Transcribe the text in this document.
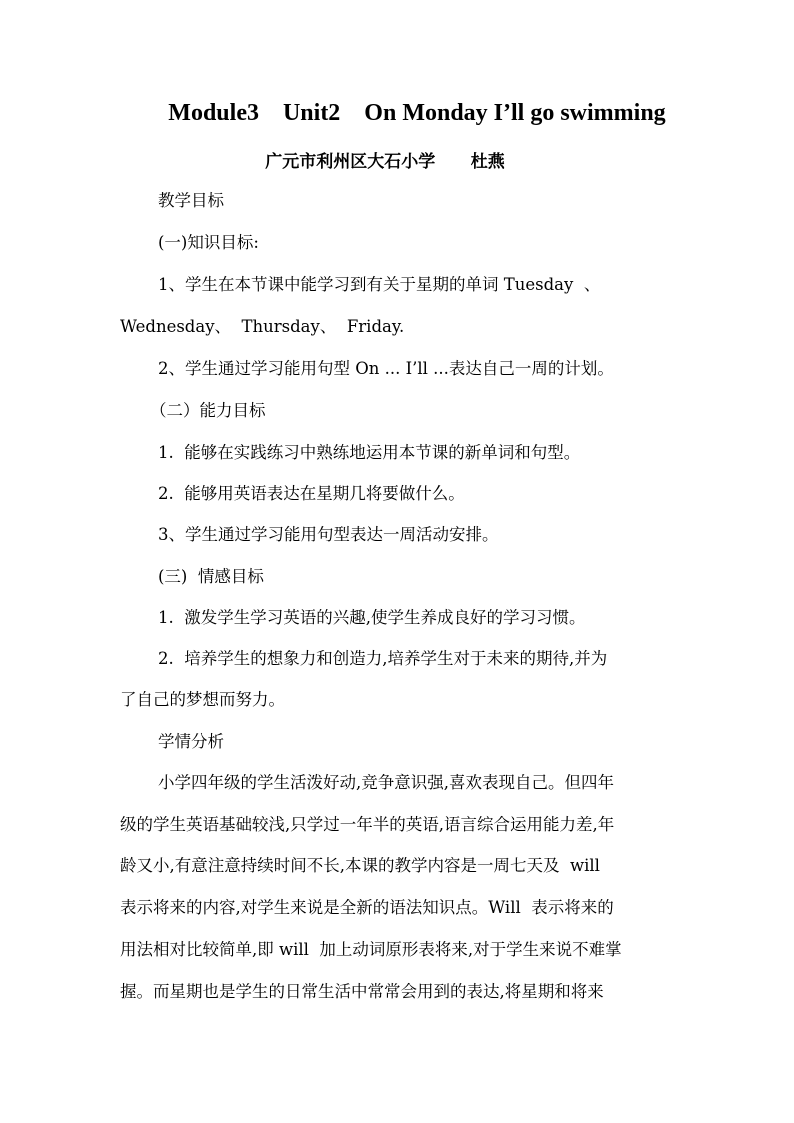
Module3    Unit2    On Monday I’ll go swimming
广元市利州区大石小学      杜燕
教学目标
(一)知识目标:
1、学生在本节课中能学习到有关于星期的单词 Tuesday  、
Wednesday、  Thursday、  Friday.
2、学生通过学习能用句型 On ... I’ll ...表达自己一周的计划。
（二）能力目标
1.  能够在实践练习中熟练地运用本节课的新单词和句型。
2.  能够用英语表达在星期几将要做什么。
3、学生通过学习能用句型表达一周活动安排。
(三)  情感目标
1.  激发学生学习英语的兴趣,使学生养成良好的学习习惯。
2.  培养学生的想象力和创造力,培养学生对于未来的期待,并为
了自己的梦想而努力。
学情分析
小学四年级的学生活泼好动,竞争意识强,喜欢表现自己。但四年
级的学生英语基础较浅,只学过一年半的英语,语言综合运用能力差,年
龄又小,有意注意持续时间不长,本课的教学内容是一周七天及  will
表示将来的内容,对学生来说是全新的语法知识点。Will  表示将来的
用法相对比较简单,即 will  加上动词原形表将来,对于学生来说不难掌
握。而星期也是学生的日常生活中常常会用到的表达,将星期和将来
